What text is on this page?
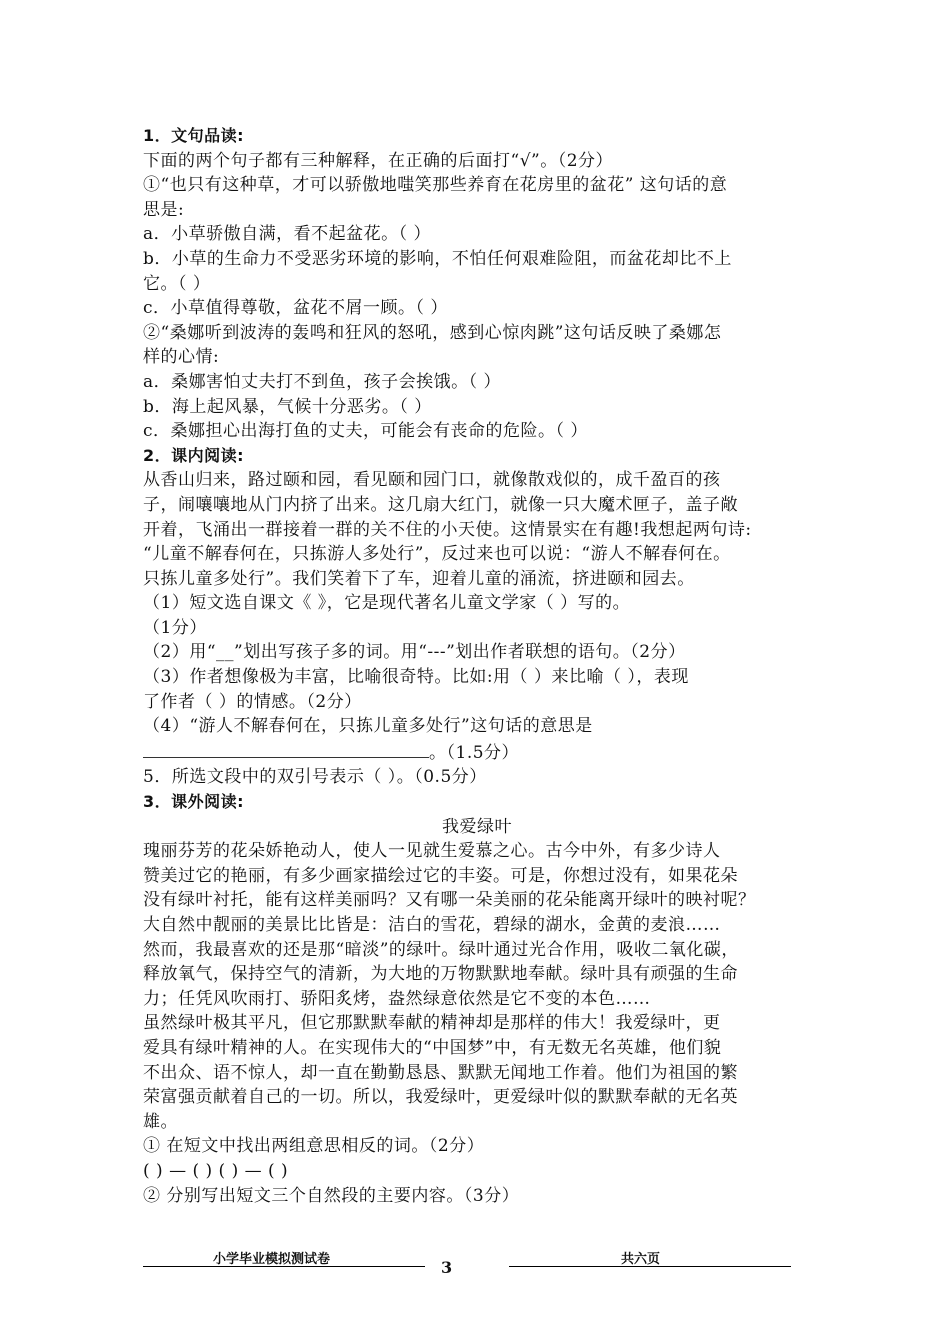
1．文句品读:
下面的两个句子都有三种解释，在正确的后面打“√”。（2分）
①“也只有这种草，才可以骄傲地嗤笑那些养育在花房里的盆花” 这句话的意
思是:
a．小草骄傲自满，看不起盆花。（ ）
b．小草的生命力不受恶劣环境的影响，不怕任何艰难险阻，而盆花却比不上
它。（ ）
c．小草值得尊敬，盆花不屑一顾。（ ）
②“桑娜听到波涛的轰鸣和狂风的怒吼，感到心惊肉跳”这句话反映了桑娜怎
样的心情:
a．桑娜害怕丈夫打不到鱼，孩子会挨饿。（ ）
b．海上起风暴，气候十分恶劣。（ ）
c．桑娜担心出海打鱼的丈夫，可能会有丧命的危险。（ ）
2．课内阅读:
从香山归来，路过颐和园，看见颐和园门口，就像散戏似的，成千盈百的孩
子，闹嚷嚷地从门内挤了出来。这几扇大红门，就像一只大魔术匣子，盖子敞
开着，飞涌出一群接着一群的关不住的小天使。这情景实在有趣!我想起两句诗:
“儿童不解春何在，只拣游人多处行”，反过来也可以说：“游人不解春何在。
只拣儿童多处行”。我们笑着下了车，迎着儿童的涌流，挤进颐和园去。
（1）短文选自课文《 》，它是现代著名儿童文学家（ ）写的。
（1分）
（2）用“__”划出写孩子多的词。用“---”划出作者联想的语句。（2分）
（3）作者想像极为丰富，比喻很奇特。比如:用（ ）来比喻（ ），表现
了作者（ ）的情感。（2分）
（4）“游人不解春何在，只拣儿童多处行”这句话的意思是
。（1.5分）
5．所选文段中的双引号表示（ ）。（0.5分）
3．课外阅读:
我爱绿叶
瑰丽芬芳的花朵娇艳动人，使人一见就生爱慕之心。古今中外，有多少诗人
赞美过它的艳丽，有多少画家描绘过它的丰姿。可是，你想过没有，如果花朵
没有绿叶衬托，能有这样美丽吗？又有哪一朵美丽的花朵能离开绿叶的映衬呢？
大自然中靓丽的美景比比皆是：洁白的雪花，碧绿的湖水，金黄的麦浪……
然而，我最喜欢的还是那“暗淡”的绿叶。绿叶通过光合作用，吸收二氧化碳，
释放氧气，保持空气的清新，为大地的万物默默地奉献。绿叶具有顽强的生命
力；任凭风吹雨打、骄阳炙烤，盎然绿意依然是它不变的本色……
虽然绿叶极其平凡，但它那默默奉献的精神却是那样的伟大！我爱绿叶，更
爱具有绿叶精神的人。在实现伟大的“中国梦”中，有无数无名英雄，他们貌
不出众、语不惊人，却一直在勤勤恳恳、默默无闻地工作着。他们为祖国的繁
荣富强贡献着自己的一切。所以，我爱绿叶，更爱绿叶似的默默奉献的无名英
雄。
① 在短文中找出两组意思相反的词。（2分）
( ) — ( ) ( ) — ( )
② 分别写出短文三个自然段的主要内容。（3分）
小学毕业模拟测试卷	3	共六页
